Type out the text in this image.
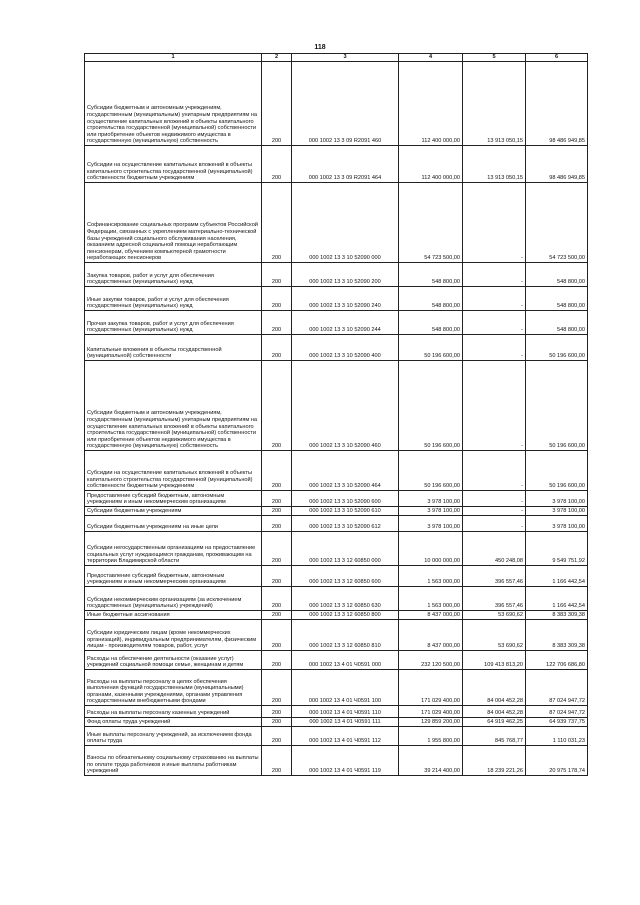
118
1	2	3	4	5	6
Субсидии бюджетным и автономным учреждениям, государственным (муниципальным) унитарным предприятиям на осуществление капитальных вложений в объекты капитального строительства государственной (муниципальной) собственности или приобретение объектов недвижимого имущества в государственную (муниципальную) собственность	200	000 1002 13 3 09 R2091 460	112 400 000,00	13 913 050,15	98 486 949,85
Субсидии на осуществление капитальных вложений в объекты капитального строительства государственной (муниципальной) собственности бюджетным учреждениям	200	000 1002 13 3 09 R2091 464	112 400 000,00	13 913 050,15	98 486 949,85
Софинансирование социальных программ субъектов Российской Федерации, связанных с укреплением материально-технической базы учреждений социального обслуживания населения, оказанием адресной социальной помощи неработающим пенсионерам, обучением компьютерной грамотности неработающих пенсионеров	200	000 1002 13 3 10 52090 000	54 723 500,00	-	54 723 500,00
Закупка товаров, работ и услуг для обеспечения государственных (муниципальных) нужд	200	000 1002 13 3 10 52090 200	548 800,00	-	548 800,00
Иные закупки товаров, работ и услуг для обеспечения государственных (муниципальных) нужд	200	000 1002 13 3 10 52090 240	548 800,00	-	548 800,00
Прочая закупка товаров, работ и услуг для обеспечения государственных (муниципальных) нужд	200	000 1002 13 3 10 52090 244	548 800,00	-	548 800,00
Капитальные вложения в объекты государственной (муниципальной) собственности	200	000 1002 13 3 10 52090 400	50 196 600,00	-	50 196 600,00
Субсидии бюджетным и автономным учреждениям, государственным (муниципальным) унитарным предприятиям на осуществление капитальных вложений в объекты капитального строительства государственной (муниципальной) собственности или приобретение объектов недвижимого имущества в государственную (муниципальную) собственность	200	000 1002 13 3 10 52090 460	50 196 600,00	-	50 196 600,00
Субсидии на осуществление капитальных вложений в объекты капитального строительства государственной (муниципальной) собственности бюджетным учреждениям	200	000 1002 13 3 10 52090 464	50 196 600,00	-	50 196 600,00
Предоставление субсидий бюджетным, автономным учреждениям и иным некоммерческим организациям	200	000 1002 13 3 10 52090 600	3 978 100,00	-	3 978 100,00
Субсидии бюджетным учреждениям	200	000 1002 13 3 10 52090 610	3 978 100,00	-	3 978 100,00
Субсидии бюджетным учреждениям на иные цели	200	000 1002 13 3 10 52090 612	3 978 100,00	-	3 978 100,00
Субсидии негосударственным организациям на предоставление социальных услуг нуждающимся гражданам, проживающим на территории Владимирской области	200	000 1002 13 3 12 60850 000	10 000 000,00	450 248,08	9 549 751,92
Предоставление субсидий бюджетным, автономным учреждениям и иным некоммерческим организациям	200	000 1002 13 3 12 60850 600	1 563 000,00	396 557,46	1 166 442,54
Субсидии некоммерческим организациям (за исключением государственных (муниципальных) учреждений)	200	000 1002 13 3 12 60850 630	1 563 000,00	396 557,46	1 166 442,54
Иные бюджетные ассигнования	200	000 1002 13 3 12 60850 800	8 437 000,00	53 690,62	8 383 309,38
Субсидии юридическим лицам (кроме некоммерческих организаций), индивидуальным предпринимателям, физическим лицам - производителям товаров, работ, услуг	200	000 1002 13 3 12 60850 810	8 437 000,00	53 690,62	8 383 309,38
Расходы на обеспечение деятельности (оказание услуг) учреждений социальной помощи семье, женщинам и детям	200	000 1002 13 4 01 Ч0591 000	232 120 500,00	109 413 813,20	122 706 686,80
Расходы на выплаты персоналу в целях обеспечения выполнения функций государственными (муниципальными) органами, казенными учреждениями, органами управления государственными внебюджетными фондами	200	000 1002 13 4 01 Ч0591 100	171 029 400,00	84 004 452,28	87 024 947,72
Расходы на выплаты персоналу казенных учреждений	200	000 1002 13 4 01 Ч0591 110	171 029 400,00	84 004 452,28	87 024 947,72
Фонд оплаты труда учреждений	200	000 1002 13 4 01 Ч0591 111	129 859 200,00	64 919 462,25	64 939 737,75
Иные выплаты персоналу учреждений, за исключением фонда оплаты труда	200	000 1002 13 4 01 Ч0591 112	1 955 800,00	845 768,77	1 110 031,23
Взносы по обязательному социальному страхованию на выплаты по оплате труда работников и иные выплаты работникам учреждений	200	000 1002 13 4 01 Ч0591 119	39 214 400,00	18 239 221,26	20 975 178,74
